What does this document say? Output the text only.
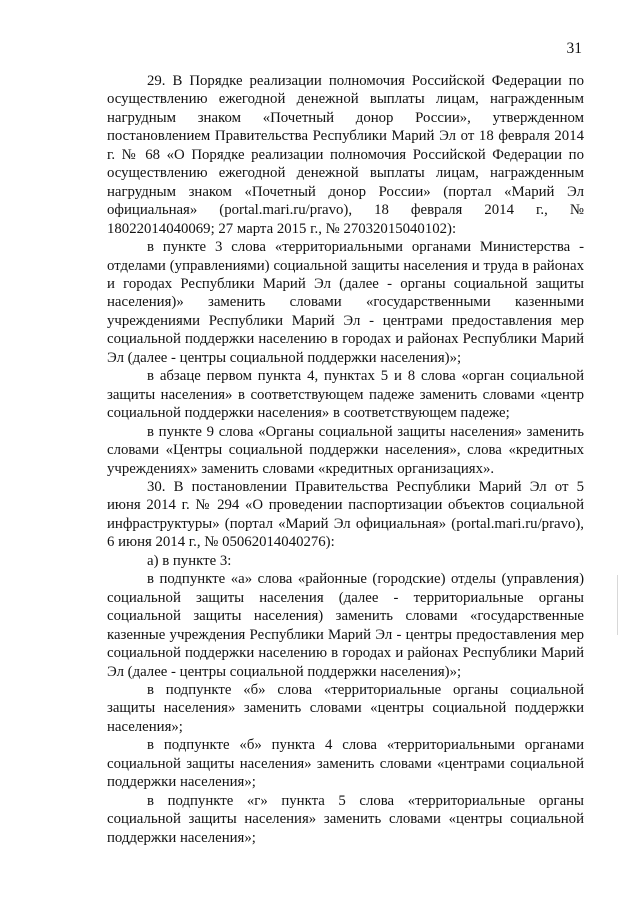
31

29. В Порядке реализации полномочия Российской Федерации по осуществлению ежегодной денежной выплаты лицам, награжденным нагрудным знаком «Почетный донор России», утвержденном постановлением Правительства Республики Марий Эл от 18 февраля 2014 г. № 68 «О Порядке реализации полномочия Российской Федерации по осуществлению ежегодной денежной выплаты лицам, награжденным нагрудным знаком «Почетный донор России» (портал «Марий Эл официальная» (portal.mari.ru/pravo), 18 февраля 2014 г., № 18022014040069; 27 марта 2015 г., № 27032015040102):

в пункте 3 слова «территориальными органами Министерства - отделами (управлениями) социальной защиты населения и труда в районах и городах Республики Марий Эл (далее - органы социальной защиты населения)» заменить словами «государственными казенными учреждениями Республики Марий Эл - центрами предоставления мер социальной поддержки населению в городах и районах Республики Марий Эл (далее - центры социальной поддержки населения)»;

в абзаце первом пункта 4, пунктах 5 и 8 слова «орган социальной защиты населения» в соответствующем падеже заменить словами «центр социальной поддержки населения» в соответствующем падеже;

в пункте 9 слова «Органы социальной защиты населения» заменить словами «Центры социальной поддержки населения», слова «кредитных учреждениях» заменить словами «кредитных организациях».

30. В постановлении Правительства Республики Марий Эл от 5 июня 2014 г. № 294 «О проведении паспортизации объектов социальной инфраструктуры» (портал «Марий Эл официальная» (portal.mari.ru/pravo), 6 июня 2014 г., № 05062014040276):

а) в пункте 3:

в подпункте «а» слова «районные (городские) отделы (управления) социальной защиты населения (далее - территориальные органы социальной защиты населения) заменить словами «государственные казенные учреждения Республики Марий Эл - центры предоставления мер социальной поддержки населению в городах и районах Республики Марий Эл (далее - центры социальной поддержки населения)»;

в подпункте «б» слова «территориальные органы социальной защиты населения» заменить словами «центры социальной поддержки населения»;

в подпункте «б» пункта 4 слова «территориальными органами социальной защиты населения» заменить словами «центрами социальной поддержки населения»;

в подпункте «г» пункта 5 слова «территориальные органы социальной защиты населения» заменить словами «центры социальной поддержки населения»;
